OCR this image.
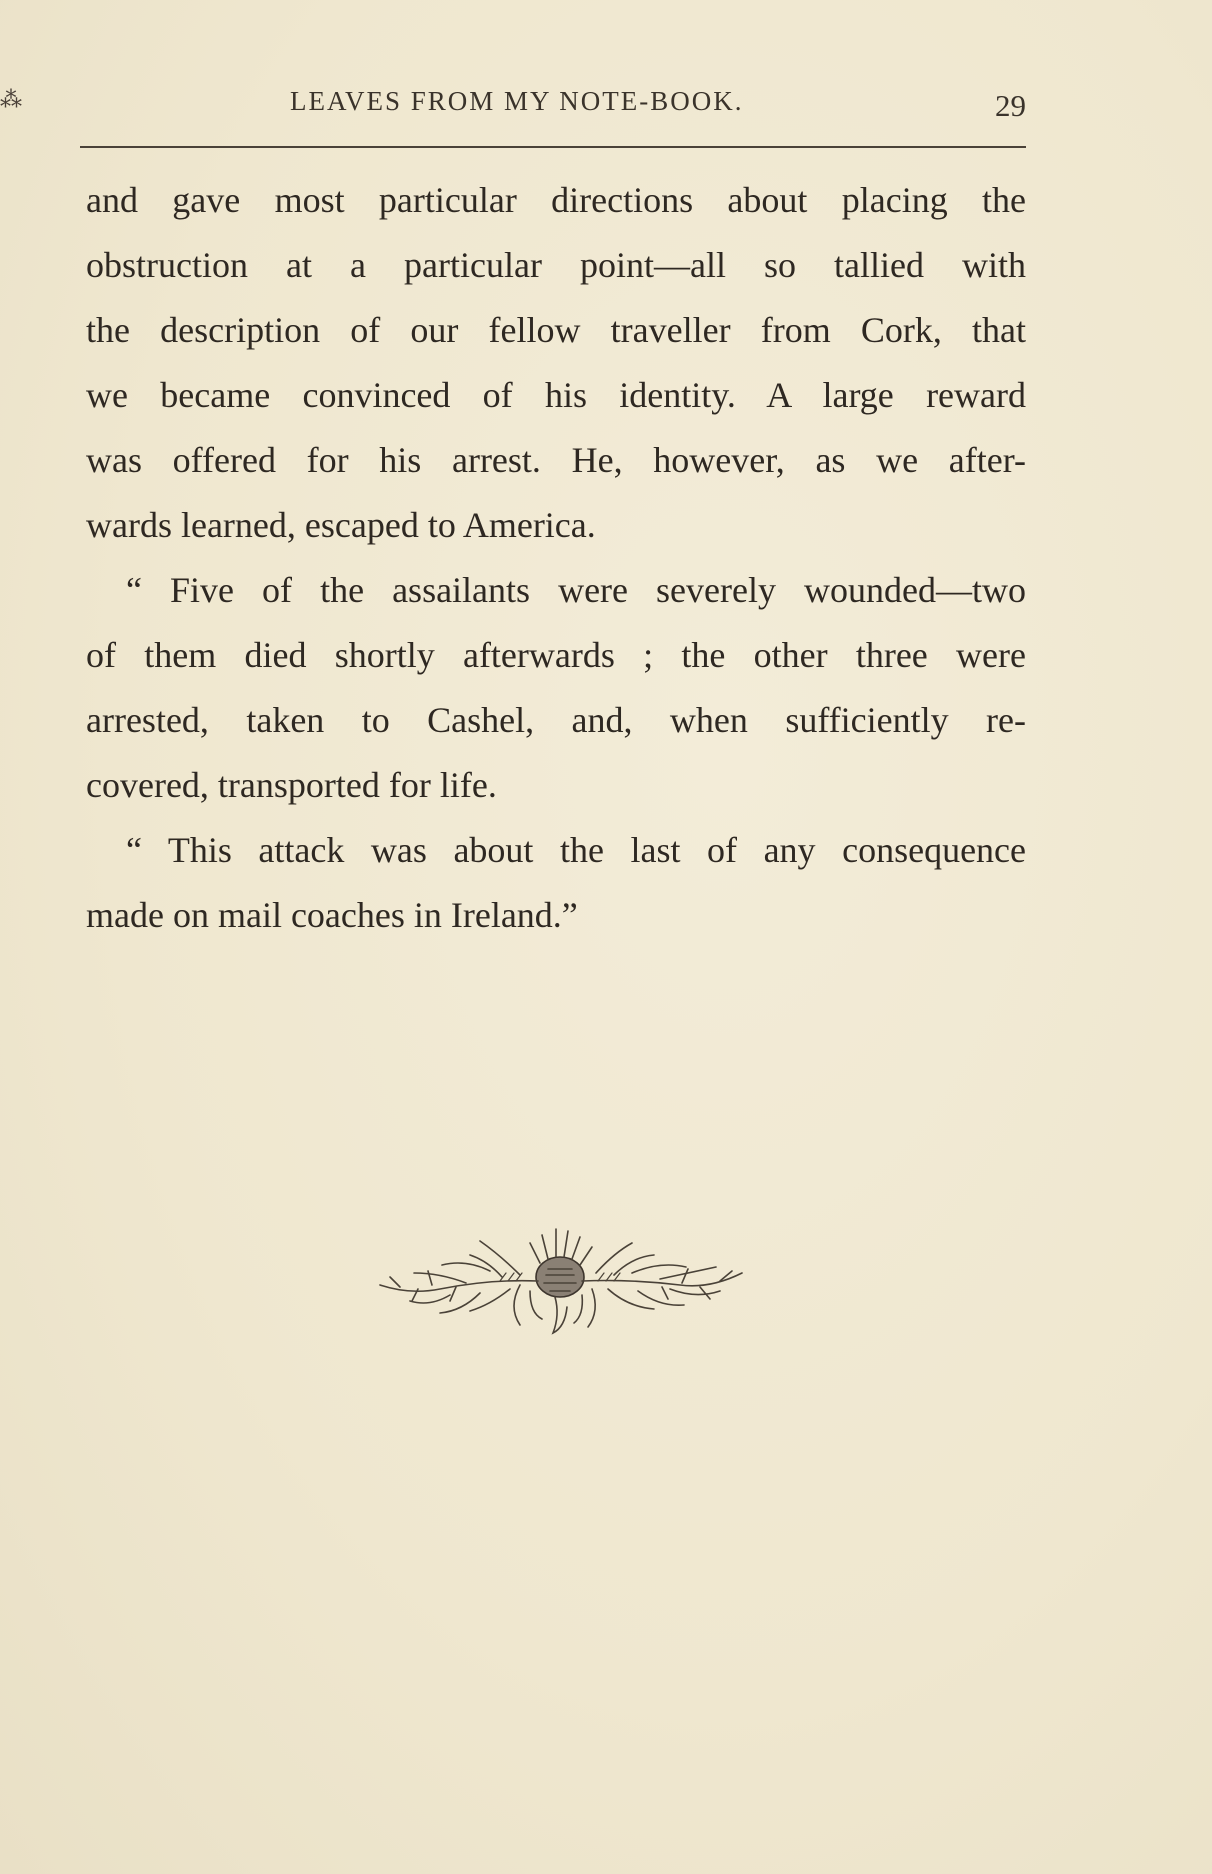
⁂	LEAVES FROM MY NOTE-BOOK.	29
and gave most particular directions about placing the
obstruction at a particular point—all so tallied with
the description of our fellow traveller from Cork, that
we became convinced of his identity. A large reward
was offered for his arrest. He, however, as we after-
wards learned, escaped to America.
“ Five of the assailants were severely wounded—two
of them died shortly afterwards ; the other three were
arrested, taken to Cashel, and, when sufficiently re-
covered, transported for life.
“ This attack was about the last of any consequence
made on mail coaches in Ireland.”
